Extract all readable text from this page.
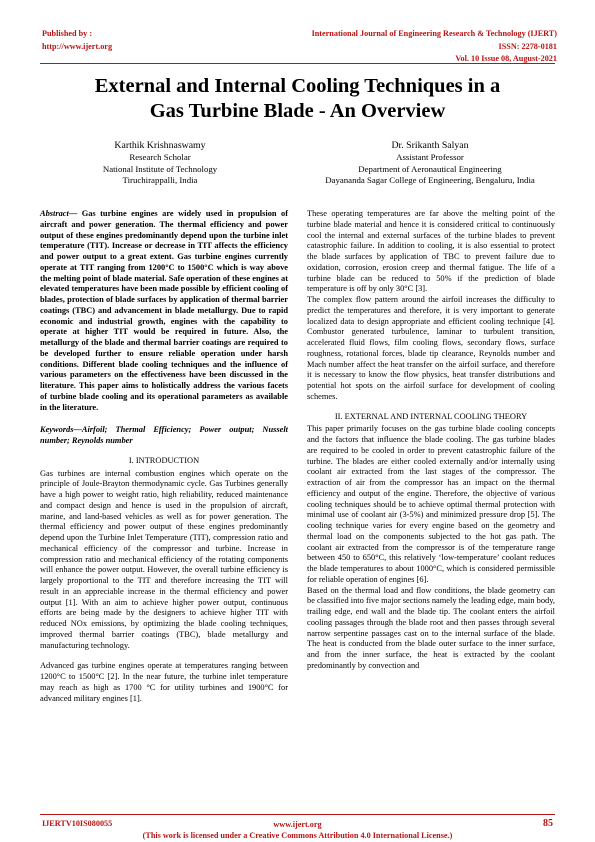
Published by :
http://www.ijert.org
International Journal of Engineering Research & Technology (IJERT)
ISSN: 2278-0181
Vol. 10 Issue 08, August-2021
External and Internal Cooling Techniques in a
Gas Turbine Blade - An Overview
Karthik Krishnaswamy
Research Scholar
National Institute of Technology
Tiruchirappalli, India
Dr. Srikanth Salyan
Assistant Professor
Department of Aeronautical Engineering
Dayananda Sagar College of Engineering, Bengaluru, India

Abstract— Gas turbine engines are widely used in propulsion of aircraft and power generation. The thermal efficiency and power output of these engines predominantly depend upon the turbine inlet temperature (TIT). Increase or decrease in TIT affects the efficiency and power output to a great extent. Gas turbine engines currently operate at TIT ranging from 1200°C to 1500°C which is way above the melting point of blade material. Safe operation of these engines at elevated temperatures have been made possible by efficient cooling of blades, protection of blade surfaces by application of thermal barrier coatings (TBC) and advancement in blade metallurgy. Due to rapid economic and industrial growth, engines with the capability to operate at higher TIT would be required in future. Also, the metallurgy of the blade and thermal barrier coatings are required to be developed further to ensure reliable operation under harsh conditions. Different blade cooling techniques and the influence of various parameters on the effectiveness have been discussed in the literature. This paper aims to holistically address the various facets of turbine blade cooling and its operational parameters as available in the literature.

Keywords—Airfoil; Thermal Efficiency; Power output; Nusselt number; Reynolds number

I. INTRODUCTION

Gas turbines are internal combustion engines which operate on the principle of Joule-Brayton thermodynamic cycle. Gas Turbines generally have a high power to weight ratio, high reliability, reduced maintenance and compact design and hence is used in the propulsion of aircraft, marine, and land-based vehicles as well as for power generation. The thermal efficiency and power output of these engines predominantly depend upon the Turbine Inlet Temperature (TIT), compression ratio and mechanical efficiency of the compressor and turbine. Increase in compression ratio and mechanical efficiency of the rotating components will enhance the power output. However, the overall turbine efficiency is largely proportional to the TIT and therefore increasing the TIT will result in an appreciable increase in the thermal efficiency and power output [1]. With an aim to achieve higher power output, continuous efforts are being made by the designers to achieve higher TIT with reduced NOx emissions, by optimizing the blade cooling techniques, improved thermal barrier coatings (TBC), blade metallurgy and manufacturing technology.

Advanced gas turbine engines operate at temperatures ranging between 1200°C to 1500°C [2]. In the near future, the turbine inlet temperature may reach as high as 1700 °C for utility turbines and 1900°C for advanced military engines [1].

These operating temperatures are far above the melting point of the turbine blade material and hence it is considered critical to continuously cool the internal and external surfaces of the turbine blades to prevent catastrophic failure. In addition to cooling, it is also essential to protect the blade surfaces by application of TBC to prevent failure due to oxidation, corrosion, erosion creep and thermal fatigue. The life of a turbine blade can be reduced to 50% if the prediction of blade temperature is off by only 30°C [3].

The complex flow pattern around the airfoil increases the difficulty to predict the temperatures and therefore, it is very important to generate localized data to design appropriate and efficient cooling technique [4]. Combustor generated turbulence, laminar to turbulent transition, accelerated fluid flows, film cooling flows, secondary flows, surface roughness, rotational forces, blade tip clearance, Reynolds number and Mach number affect the heat transfer on the airfoil surface, and therefore it is necessary to know the flow physics, heat transfer distributions and potential hot spots on the airfoil surface for development of cooling schemes.

II. EXTERNAL AND INTERNAL COOLING THEORY

This paper primarily focuses on the gas turbine blade cooling concepts and the factors that influence the blade cooling. The gas turbine blades are required to be cooled in order to prevent catastrophic failure of the turbine. The blades are either cooled externally and/or internally using coolant air extracted from the last stages of the compressor. The extraction of air from the compressor has an impact on the thermal efficiency and output of the engine. Therefore, the objective of various cooling techniques should be to achieve optimal thermal protection with minimal use of coolant air (3-5%) and minimized pressure drop [5]. The cooling technique varies for every engine based on the geometry and thermal load on the components subjected to the hot gas path. The coolant air extracted from the compressor is of the temperature range between 450 to 650°C, this relatively ‘low-temperature’ coolant reduces the blade temperatures to about 1000°C, which is considered permissible for reliable operation of engines [6].

Based on the thermal load and flow conditions, the blade geometry can be classified into five major sections namely the leading edge, main body, trailing edge, end wall and the blade tip. The coolant enters the airfoil cooling passages through the blade root and then passes through several narrow serpentine passages cast on to the internal surface of the blade. The heat is conducted from the blade outer surface to the inner surface, and from the inner surface, the heat is extracted by the coolant predominantly by convection and

IJERTV10IS080055	www.ijert.org
(This work is licensed under a Creative Commons Attribution 4.0 International License.)
85
